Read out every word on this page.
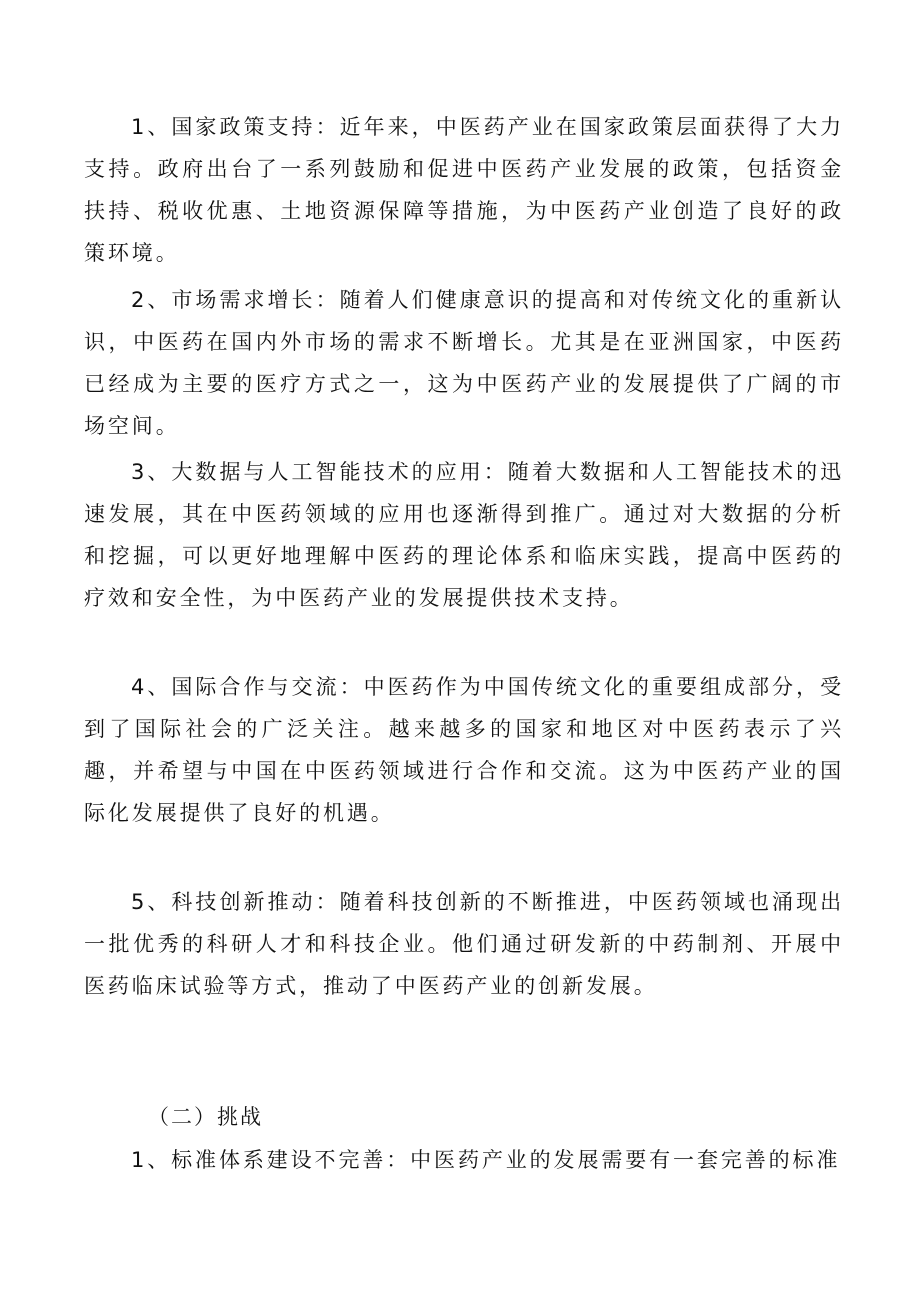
1、国家政策支持：近年来，中医药产业在国家政策层面获得了大力支持。政府出台了一系列鼓励和促进中医药产业发展的政策，包括资金扶持、税收优惠、土地资源保障等措施，为中医药产业创造了良好的政策环境。

2、市场需求增长：随着人们健康意识的提高和对传统文化的重新认识，中医药在国内外市场的需求不断增长。尤其是在亚洲国家，中医药已经成为主要的医疗方式之一，这为中医药产业的发展提供了广阔的市场空间。

3、大数据与人工智能技术的应用：随着大数据和人工智能技术的迅速发展，其在中医药领域的应用也逐渐得到推广。通过对大数据的分析和挖掘，可以更好地理解中医药的理论体系和临床实践，提高中医药的疗效和安全性，为中医药产业的发展提供技术支持。

4、国际合作与交流：中医药作为中国传统文化的重要组成部分，受到了国际社会的广泛关注。越来越多的国家和地区对中医药表示了兴趣，并希望与中国在中医药领域进行合作和交流。这为中医药产业的国际化发展提供了良好的机遇。

5、科技创新推动：随着科技创新的不断推进，中医药领域也涌现出一批优秀的科研人才和科技企业。他们通过研发新的中药制剂、开展中医药临床试验等方式，推动了中医药产业的创新发展。

（二）挑战

1、标准体系建设不完善：中医药产业的发展需要有一套完善的标准
